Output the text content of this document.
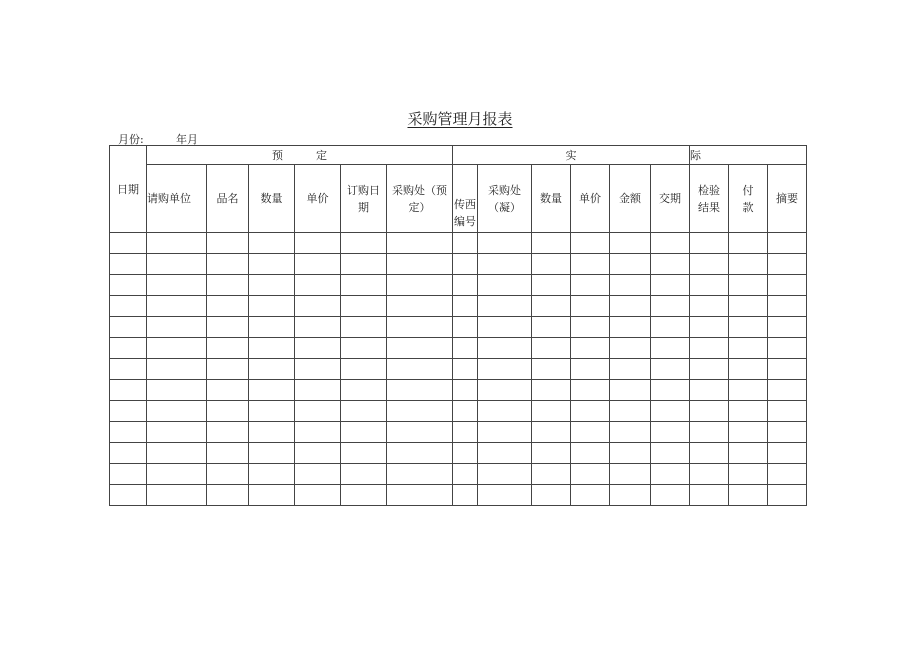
采购管理月报表
月份:	年月
日期	预   定						实						际		
	请购单位	品名	数量	单价	订购日期	采购处（预定）	传西编号	采购处（凝）	数量	单价	金额	交期	检验结果	付款	摘要
